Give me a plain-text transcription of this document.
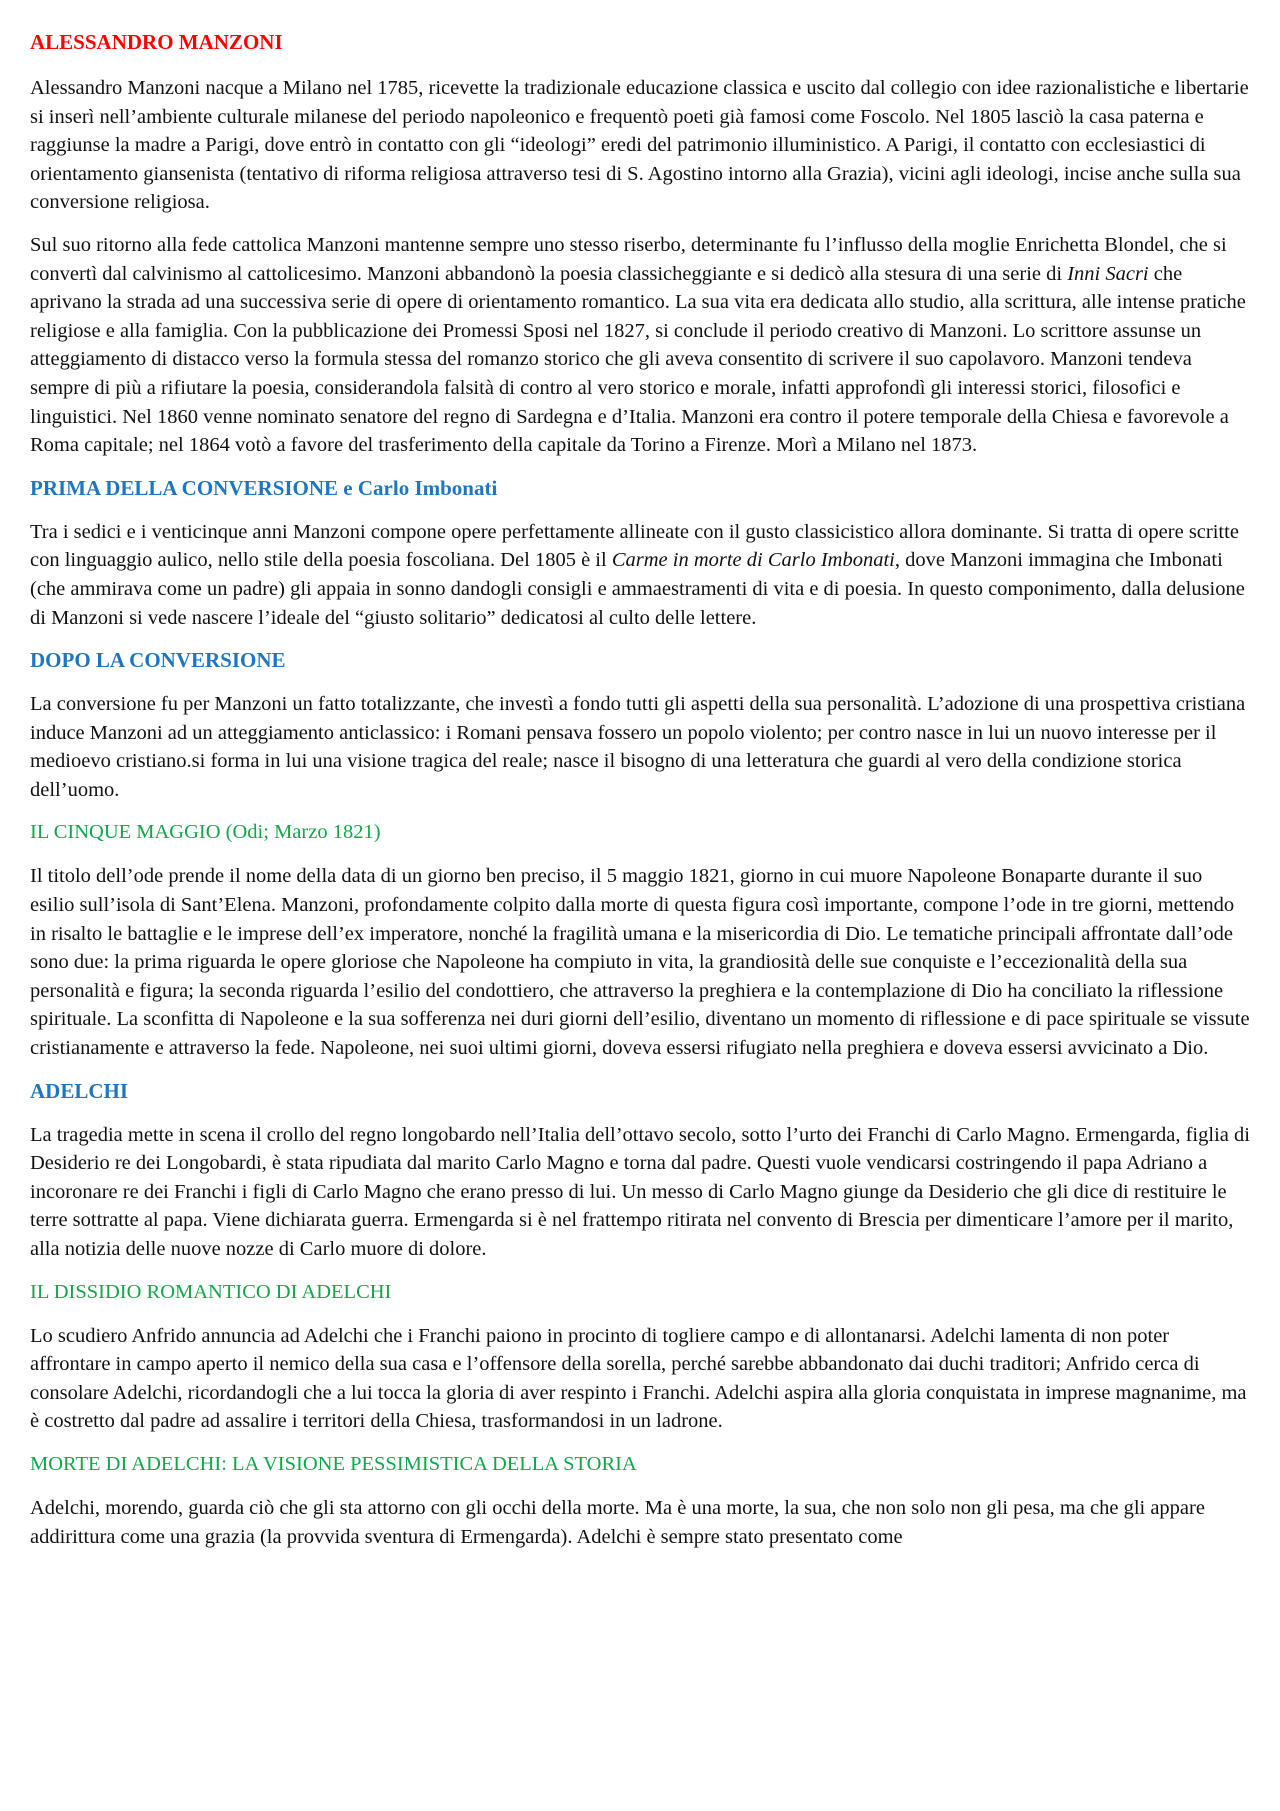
ALESSANDRO MANZONI

Alessandro Manzoni nacque a Milano nel 1785, ricevette la tradizionale educazione classica e uscito dal collegio con idee razionalistiche e libertarie si inserì nell’ambiente culturale milanese del periodo napoleonico e frequentò poeti già famosi come Foscolo. Nel 1805 lasciò la casa paterna e raggiunse la madre a Parigi, dove entrò in contatto con gli “ideologi” eredi del patrimonio illuministico. A Parigi, il contatto con ecclesiastici di orientamento giansenista (tentativo di riforma religiosa attraverso tesi di S. Agostino intorno alla Grazia), vicini agli ideologi, incise anche sulla sua conversione religiosa.

Sul suo ritorno alla fede cattolica Manzoni mantenne sempre uno stesso riserbo, determinante fu l’influsso della moglie Enrichetta Blondel, che si convertì dal calvinismo al cattolicesimo. Manzoni abbandonò la poesia classicheggiante e si dedicò alla stesura di una serie di Inni Sacri che aprivano la strada ad una successiva serie di opere di orientamento romantico. La sua vita era dedicata allo studio, alla scrittura, alle intense pratiche religiose e alla famiglia. Con la pubblicazione dei Promessi Sposi nel 1827, si conclude il periodo creativo di Manzoni. Lo scrittore assunse un atteggiamento di distacco verso la formula stessa del romanzo storico che gli aveva consentito di scrivere il suo capolavoro. Manzoni tendeva sempre di più a rifiutare la poesia, considerandola falsità di contro al vero storico e morale, infatti approfondì gli interessi storici, filosofici e linguistici. Nel 1860 venne nominato senatore del regno di Sardegna e d’Italia. Manzoni era contro il potere temporale della Chiesa e favorevole a Roma capitale; nel 1864 votò a favore del trasferimento della capitale da Torino a Firenze. Morì a Milano nel 1873.

PRIMA DELLA CONVERSIONE e Carlo Imbonati

Tra i sedici e i venticinque anni Manzoni compone opere perfettamente allineate con il gusto classicistico allora dominante. Si tratta di opere scritte con linguaggio aulico, nello stile della poesia foscoliana. Del 1805 è il Carme in morte di Carlo Imbonati, dove Manzoni immagina che Imbonati (che ammirava come un padre) gli appaia in sonno dandogli consigli e ammaestramenti di vita e di poesia. In questo componimento, dalla delusione di Manzoni si vede nascere l’ideale del “giusto solitario” dedicatosi al culto delle lettere.

DOPO LA CONVERSIONE

La conversione fu per Manzoni un fatto totalizzante, che investì a fondo tutti gli aspetti della sua personalità. L’adozione di una prospettiva cristiana induce Manzoni ad un atteggiamento anticlassico: i Romani pensava fossero un popolo violento; per contro nasce in lui un nuovo interesse per il medioevo cristiano.si forma in lui una visione tragica del reale; nasce il bisogno di una letteratura che guardi al vero della condizione storica dell’uomo.

IL CINQUE MAGGIO (Odi; Marzo 1821)

Il titolo dell’ode prende il nome della data di un giorno ben preciso, il 5 maggio 1821, giorno in cui muore Napoleone Bonaparte durante il suo esilio sull’isola di Sant’Elena. Manzoni, profondamente colpito dalla morte di questa figura così importante, compone l’ode in tre giorni, mettendo in risalto le battaglie e le imprese dell’ex imperatore, nonché la fragilità umana e la misericordia di Dio. Le tematiche principali affrontate dall’ode sono due: la prima riguarda le opere gloriose che Napoleone ha compiuto in vita, la grandiosità delle sue conquiste e l’eccezionalità della sua personalità e figura; la seconda riguarda l’esilio del condottiero, che attraverso la preghiera e la contemplazione di Dio ha conciliato la riflessione spirituale. La sconfitta di Napoleone e la sua sofferenza nei duri giorni dell’esilio, diventano un momento di riflessione e di pace spirituale se vissute cristianamente e attraverso la fede. Napoleone, nei suoi ultimi giorni, doveva essersi rifugiato nella preghiera e doveva essersi avvicinato a Dio.

ADELCHI

La tragedia mette in scena il crollo del regno longobardo nell’Italia dell’ottavo secolo, sotto l’urto dei Franchi di Carlo Magno. Ermengarda, figlia di Desiderio re dei Longobardi, è stata ripudiata dal marito Carlo Magno e torna dal padre. Questi vuole vendicarsi costringendo il papa Adriano a incoronare re dei Franchi i figli di Carlo Magno che erano presso di lui. Un messo di Carlo Magno giunge da Desiderio che gli dice di restituire le terre sottratte al papa. Viene dichiarata guerra. Ermengarda si è nel frattempo ritirata nel convento di Brescia per dimenticare l’amore per il marito, alla notizia delle nuove nozze di Carlo muore di dolore.

IL DISSIDIO ROMANTICO DI ADELCHI

Lo scudiero Anfrido annuncia ad Adelchi che i Franchi paiono in procinto di togliere campo e di allontanarsi. Adelchi lamenta di non poter affrontare in campo aperto il nemico della sua casa e l’offensore della sorella, perché sarebbe abbandonato dai duchi traditori; Anfrido cerca di consolare Adelchi, ricordandogli che a lui tocca la gloria di aver respinto i Franchi. Adelchi aspira alla gloria conquistata in imprese magnanime, ma è costretto dal padre ad assalire i territori della Chiesa, trasformandosi in un ladrone.

MORTE DI ADELCHI: LA VISIONE PESSIMISTICA DELLA STORIA

Adelchi, morendo, guarda ciò che gli sta attorno con gli occhi della morte. Ma è una morte, la sua, che non solo non gli pesa, ma che gli appare addirittura come una grazia (la provvida sventura di Ermengarda). Adelchi è sempre stato presentato come
